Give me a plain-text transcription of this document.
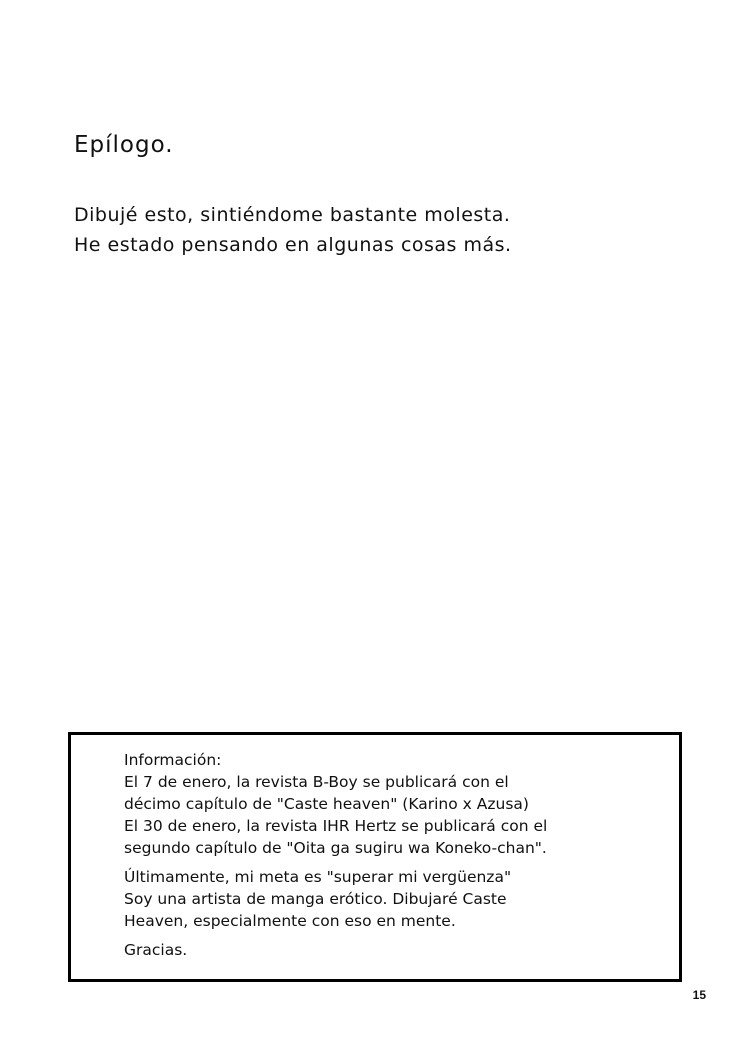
Epílogo.

Dibujé esto, sintiéndome bastante molesta.

He estado pensando en algunas cosas más.

Información:

El 7 de enero, la revista B-Boy se publicará con el

décimo capítulo de "Caste heaven" (Karino x Azusa)

El 30 de enero, la revista IHR Hertz se publicará con el

segundo capítulo de "Oita ga sugiru wa Koneko-chan".

Últimamente, mi meta es "superar mi vergüenza"

Soy una artista de manga erótico. Dibujaré Caste

Heaven, especialmente con eso en mente.

Gracias.

15
